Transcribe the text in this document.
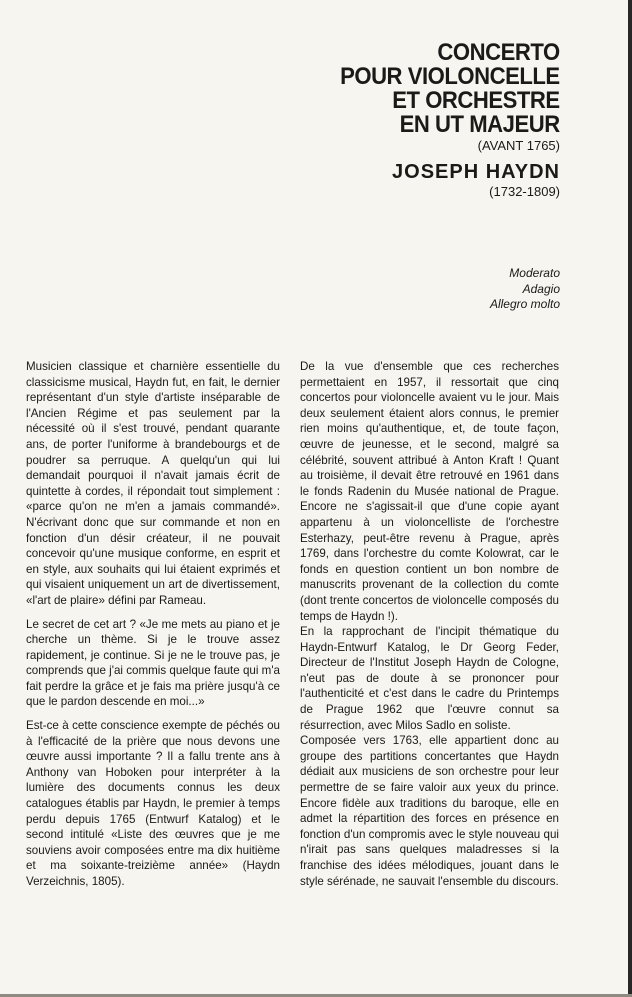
CONCERTO
POUR VIOLONCELLE
ET ORCHESTRE
EN UT MAJEUR
(AVANT 1765)
JOSEPH HAYDN
(1732-1809)
Moderato
Adagio
Allegro molto

Musicien classique et charnière essentielle du classicisme musical, Haydn fut, en fait, le dernier représentant d'un style d'artiste inséparable de l'Ancien Régime et pas seulement par la nécessité où il s'est trouvé, pendant quarante ans, de porter l'uniforme à brandebourgs et de poudrer sa perruque. A quelqu'un qui lui demandait pourquoi il n'avait jamais écrit de quintette à cordes, il répondait tout simplement : «parce qu'on ne m'en a jamais commandé». N'écrivant donc que sur commande et non en fonction d'un désir créateur, il ne pouvait concevoir qu'une musique conforme, en esprit et en style, aux souhaits qui lui étaient exprimés et qui visaient uniquement un art de divertissement, «l'art de plaire» défini par Rameau.

Le secret de cet art ? «Je me mets au piano et je cherche un thème. Si je le trouve assez rapidement, je continue. Si je ne le trouve pas, je comprends que j'ai commis quelque faute qui m'a fait perdre la grâce et je fais ma prière jusqu'à ce que le pardon descende en moi...»

Est-ce à cette conscience exempte de péchés ou à l'efficacité de la prière que nous devons une œuvre aussi importante ? Il a fallu trente ans à Anthony van Hoboken pour interpréter à la lumière des documents connus les deux catalogues établis par Haydn, le premier à temps perdu depuis 1765 (Entwurf Katalog) et le second intitulé «Liste des œuvres que je me souviens avoir composées entre ma dix huitième et ma soixante-treizième année» (Haydn Verzeichnis, 1805).

De la vue d'ensemble que ces recherches permettaient en 1957, il ressortait que cinq concertos pour violoncelle avaient vu le jour. Mais deux seulement étaient alors connus, le premier rien moins qu'authentique, et, de toute façon, œuvre de jeunesse, et le second, malgré sa célébrité, souvent attribué à Anton Kraft ! Quant au troisième, il devait être retrouvé en 1961 dans le fonds Radenin du Musée national de Prague. Encore ne s'agissait-il que d'une copie ayant appartenu à un violoncelliste de l'orchestre Esterhazy, peut-être revenu à Prague, après 1769, dans l'orchestre du comte Kolowrat, car le fonds en question contient un bon nombre de manuscrits provenant de la collection du comte (dont trente concertos de violoncelle composés du temps de Haydn !).

En la rapprochant de l'incipit thématique du Haydn-Entwurf Katalog, le Dr Georg Feder, Directeur de l'Institut Joseph Haydn de Cologne, n'eut pas de doute à se prononcer pour l'authenticité et c'est dans le cadre du Printemps de Prague 1962 que l'œuvre connut sa résurrection, avec Milos Sadlo en soliste.

Composée vers 1763, elle appartient donc au groupe des partitions concertantes que Haydn dédiait aux musiciens de son orchestre pour leur permettre de se faire valoir aux yeux du prince. Encore fidèle aux traditions du baroque, elle en admet la répartition des forces en présence en fonction d'un compromis avec le style nouveau qui n'irait pas sans quelques maladresses si la franchise des idées mélodiques, jouant dans le style sérénade, ne sauvait l'ensemble du discours.
